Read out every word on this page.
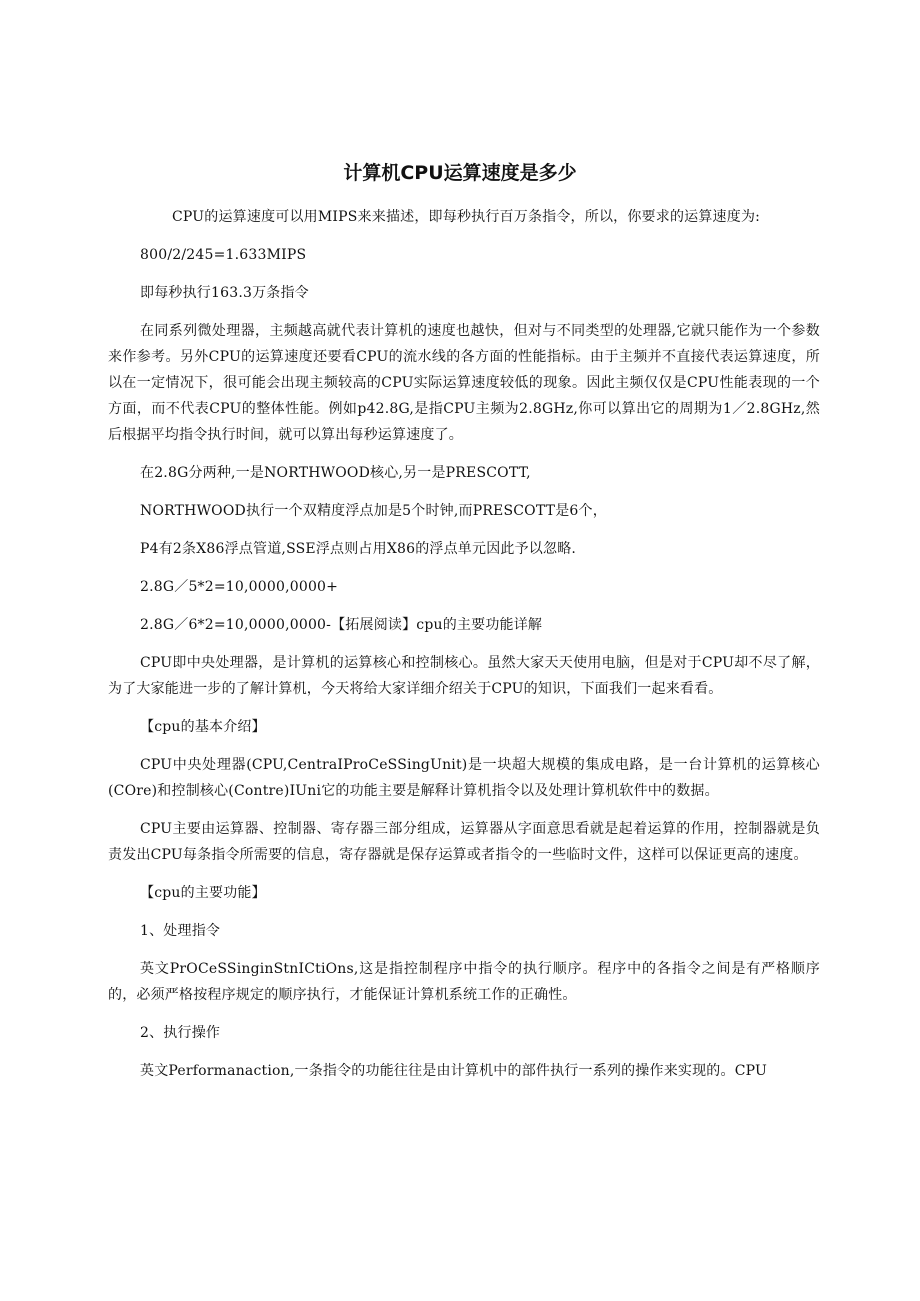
计算机CPU运算速度是多少

CPU的运算速度可以用MIPS来来描述，即每秒执行百万条指令，所以，你要求的运算速度为:

800/2/245=1.633MIPS

即每秒执行163.3万条指令

在同系列微处理器，主频越高就代表计算机的速度也越快，但对与不同类型的处理器,它就只能作为一个参数来作参考。另外CPU的运算速度还要看CPU的流水线的各方面的性能指标。由于主频并不直接代表运算速度，所以在一定情况下，很可能会出现主频较高的CPU实际运算速度较低的现象。因此主频仅仅是CPU性能表现的一个方面，而不代表CPU的整体性能。例如p42.8G,是指CPU主频为2.8GHz,你可以算出它的周期为1／2.8GHz,然后根据平均指令执行时间，就可以算出每秒运算速度了。

在2.8G分两种,一是NORTHWOOD核心,另一是PRESCOTT,

NORTHWOOD执行一个双精度浮点加是5个时钟,而PRESCOTT是6个，

P4有2条X86浮点管道,SSE浮点则占用X86的浮点单元因此予以忽略.

2.8G／5*2=10,0000,0000+

2.8G／6*2=10,0000,0000-【拓展阅读】cpu的主要功能详解

CPU即中央处理器，是计算机的运算核心和控制核心。虽然大家天天使用电脑，但是对于CPU却不尽了解，为了大家能进一步的了解计算机，今天将给大家详细介绍关于CPU的知识，下面我们一起来看看。

【cpu的基本介绍】

CPU中央处理器(CPU,CentraIProCeSSingUnit)是一块超大规模的集成电路，是一台计算机的运算核心(COre)和控制核心(Contre)IUni它的功能主要是解释计算机指令以及处理计算机软件中的数据。

CPU主要由运算器、控制器、寄存器三部分组成，运算器从字面意思看就是起着运算的作用，控制器就是负责发出CPU每条指令所需要的信息，寄存器就是保存运算或者指令的一些临时文件，这样可以保证更高的速度。

【cpu的主要功能】

1、处理指令

英文PrOCeSSinginStnICtiOns,这是指控制程序中指令的执行顺序。程序中的各指令之间是有严格顺序的，必须严格按程序规定的顺序执行，才能保证计算机系统工作的正确性。

2、执行操作

英文Performanaction,一条指令的功能往往是由计算机中的部件执行一系列的操作来实现的。CPU
